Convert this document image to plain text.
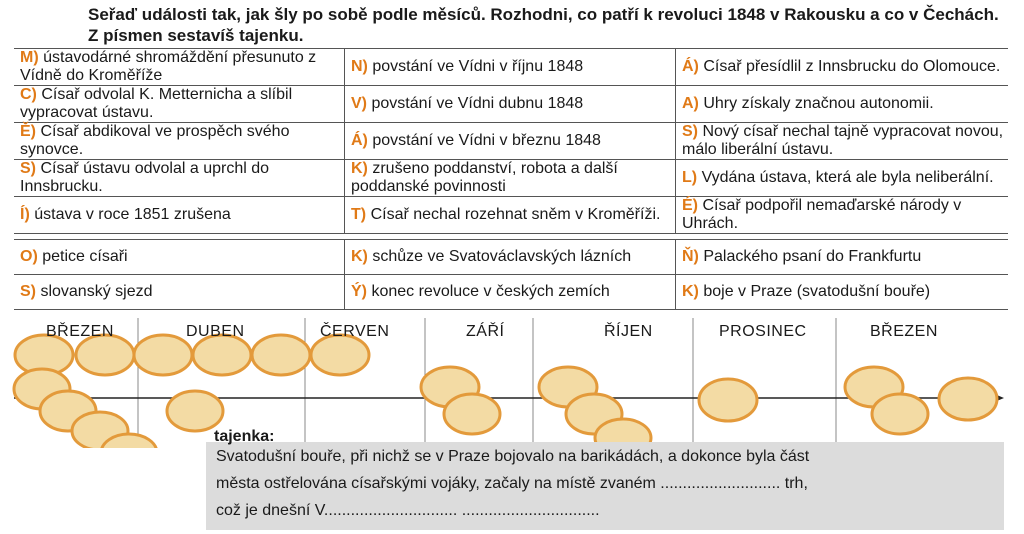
Seřaď události tak, jak šly po sobě podle měsíců. Rozhodni, co patří k revoluci 1848 v Rakousku a co v Čechách. Z písmen sestavíš tajenku.
M) ústavodárné shromáždění přesunuto z Vídně do Kroměříže	N) povstání ve Vídni v říjnu 1848	Á) Císař přesídlil z Innsbrucku do Olomouce.
C) Císař odvolal K. Metternicha a slíbil vypracovat ústavu.	V) povstání ve Vídni dubnu 1848	A) Uhry získaly značnou autonomii.
Ě) Císař abdikoval ve prospěch svého synovce.	Á) povstání ve Vídni v březnu 1848	S) Nový císař nechal tajně vypracovat novou, málo liberální ústavu.
S) Císař ústavu odvolal a uprchl do Innsbrucku.	K) zrušeno poddanství, robota a další poddanské povinnosti	L) Vydána ústava, která ale byla neliberální.
Í) ústava v roce 1851 zrušena	T) Císař nechal rozehnat sněm v Kroměříži.	É) Císař podpořil nemaďarské národy v Uhrách.
O) petice císaři	K) schůze ve Svatováclavských lázních	Ň) Palackého psaní do Frankfurtu
S) slovanský sjezd	Ý) konec revoluce v českých zemích	K) boje v Praze (svatodušní bouře)
BŘEZEN	DUBEN	ČERVEN	ZÁŘÍ	ŘÍJEN	PROSINEC	BŘEZEN
Svatodušní bouře, při nichž se v Praze bojovalo na barikádách, a dokonce byla část
města ostřelována císařskými vojáky, začaly na místě zvaném ........................... trh,
což je dnešní V.............................. ...............................
tajenka:
